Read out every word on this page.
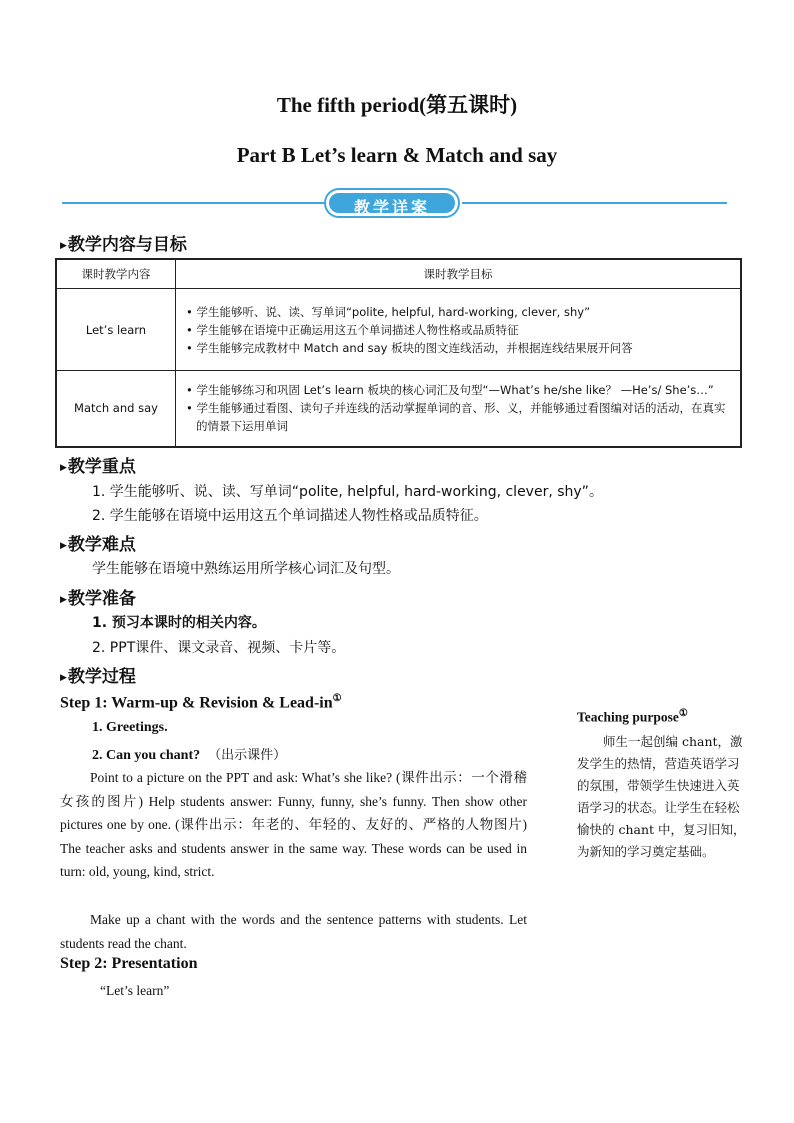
The fifth period(第五课时)
Part B Let’s learn & Match and say
教学详案
▶教学内容与目标
课时教学内容	课时教学目标
Let’s learn	• 学生能够听、说、读、写单词“polite, helpful, hard-working, clever, shy”
• 学生能够在语境中正确运用这五个单词描述人物性格或品质特征
• 学生能够完成教材中 Match and say 板块的图文连线活动，并根据连线结果展开问答

Match and say	• 学生能够练习和巩固 Let’s learn 板块的核心词汇及句型“—What’s he/she like？ —He’s/ She’s…”
• 学生能够通过看图、读句子并连线的活动掌握单词的音、形、义，并能够通过看图编对话的活动，在真实的情景下运用单词
▶教学重点
1. 学生能够听、说、读、写单词“polite, helpful, hard-working, clever, shy”。
2. 学生能够在语境中运用这五个单词描述人物性格或品质特征。
▶教学难点
学生能够在语境中熟练运用所学核心词汇及句型。
▶教学准备
1. 预习本课时的相关内容。
2. PPT课件、课文录音、视频、卡片等。
▶教学过程
Step 1: Warm-up & Revision & Lead-in①
1. Greetings.
2. Can you chant? （出示课件）
Point to a picture on the PPT and ask: What’s she like? (课件出示：一个滑稽女孩的图片) Help students answer: Funny, funny, she’s funny. Then show other pictures one by one. (课件出示：年老的、年轻的、友好的、严格的人物图片) The teacher asks and students answer in the same way. These words can be used in turn: old, young, kind, strict.
Make up a chant with the words and the sentence patterns with students. Let students read the chant.
Step 2: Presentation
“Let’s learn”
Teaching purpose①
师生一起创编 chant，激发学生的热情，营造英语学习的氛围，带领学生快速进入英语学习的状态。让学生在轻松愉快的 chant 中，复习旧知，为新知的学习奠定基础。
